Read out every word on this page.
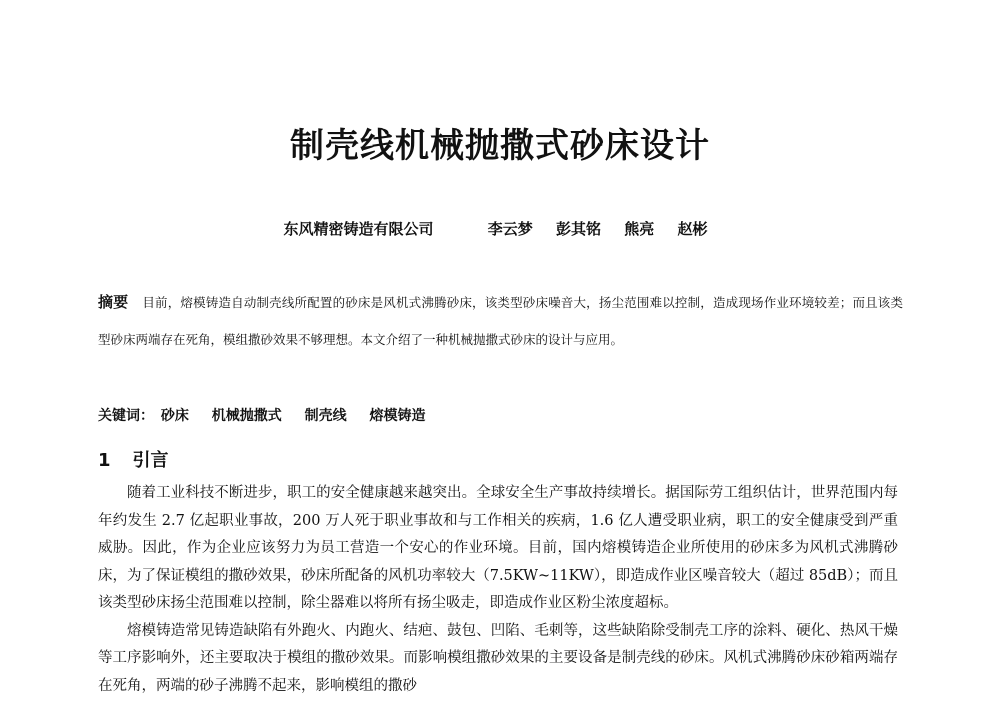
制壳线机械抛撒式砂床设计
东风精密铸造有限公司	李云梦 彭其铭 熊亮 赵彬
摘要 目前，熔模铸造自动制壳线所配置的砂床是风机式沸腾砂床，该类型砂床噪音大，扬尘范围难以控制，造成现场作业环境较差；而且该类型砂床两端存在死角，模组撒砂效果不够理想。本文介绍了一种机械抛撒式砂床的设计与应用。
关键词： 砂床 机械抛撒式 制壳线 熔模铸造
1 引言

随着工业科技不断进步，职工的安全健康越来越突出。全球安全生产事故持续增长。据国际劳工组织估计，世界范围内每年约发生 2.7 亿起职业事故，200 万人死于职业事故和与工作相关的疾病，1.6 亿人遭受职业病，职工的安全健康受到严重威胁。因此，作为企业应该努力为员工营造一个安心的作业环境。目前，国内熔模铸造企业所使用的砂床多为风机式沸腾砂床，为了保证模组的撒砂效果，砂床所配备的风机功率较大（7.5KW~11KW），即造成作业区噪音较大（超过 85dB）；而且该类型砂床扬尘范围难以控制，除尘器难以将所有扬尘吸走，即造成作业区粉尘浓度超标。

熔模铸造常见铸造缺陷有外跑火、内跑火、结疤、鼓包、凹陷、毛刺等，这些缺陷除受制壳工序的涂料、硬化、热风干燥等工序影响外，还主要取决于模组的撒砂效果。而影响模组撒砂效果的主要设备是制壳线的砂床。风机式沸腾砂床砂箱两端存在死角，两端的砂子沸腾不起来，影响模组的撒砂
